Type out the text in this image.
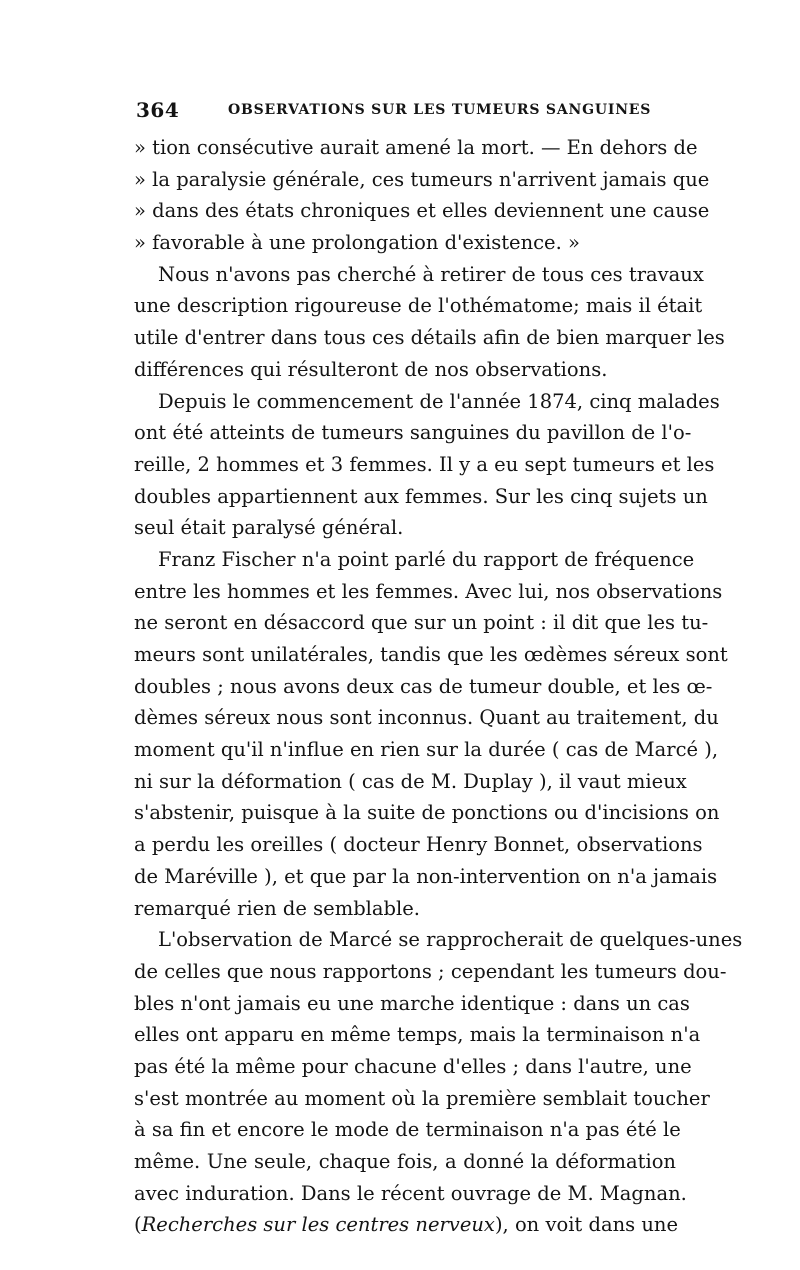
364	OBSERVATIONS SUR LES TUMEURS SANGUINES
» tion consécutive aurait amené la mort. — En dehors de
» la paralysie générale, ces tumeurs n'arrivent jamais que
» dans des états chroniques et elles deviennent une cause
» favorable à une prolongation d'existence. »
Nous n'avons pas cherché à retirer de tous ces travaux
une description rigoureuse de l'othématome; mais il était
utile d'entrer dans tous ces détails afin de bien marquer les
différences qui résulteront de nos observations.
Depuis le commencement de l'année 1874, cinq malades
ont été atteints de tumeurs sanguines du pavillon de l'o-
reille, 2 hommes et 3 femmes. Il y a eu sept tumeurs et les
doubles appartiennent aux femmes. Sur les cinq sujets un
seul était paralysé général.
Franz Fischer n'a point parlé du rapport de fréquence
entre les hommes et les femmes. Avec lui, nos observations
ne seront en désaccord que sur un point : il dit que les tu-
meurs sont unilatérales, tandis que les œdèmes séreux sont
doubles ; nous avons deux cas de tumeur double, et les œ-
dèmes séreux nous sont inconnus. Quant au traitement, du
moment qu'il n'influe en rien sur la durée ( cas de Marcé ),
ni sur la déformation ( cas de M. Duplay ), il vaut mieux
s'abstenir, puisque à la suite de ponctions ou d'incisions on
a perdu les oreilles ( docteur Henry Bonnet, observations
de Maréville ), et que par la non-intervention on n'a jamais
remarqué rien de semblable.
L'observation de Marcé se rapprocherait de quelques-unes
de celles que nous rapportons ; cependant les tumeurs dou-
bles n'ont jamais eu une marche identique : dans un cas
elles ont apparu en même temps, mais la terminaison n'a
pas été la même pour chacune d'elles ; dans l'autre, une
s'est montrée au moment où la première semblait toucher
à sa fin et encore le mode de terminaison n'a pas été le
même. Une seule, chaque fois, a donné la déformation
avec induration. Dans le récent ouvrage de M. Magnan.
(Recherches sur les centres nerveux), on voit dans une
